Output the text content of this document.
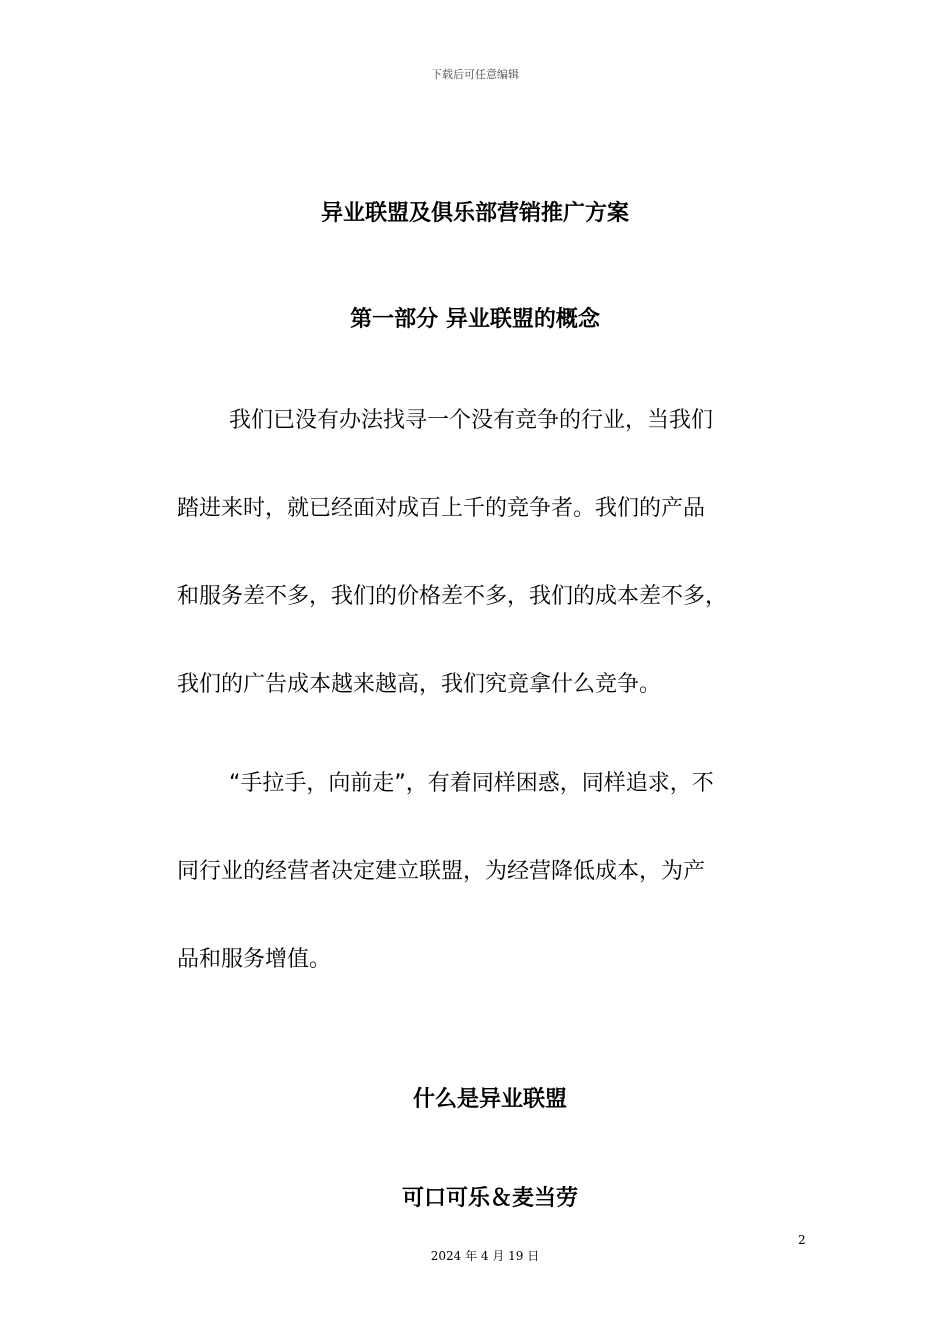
下载后可任意编辑
异业联盟及俱乐部营销推广方案
第一部分 异业联盟的概念
我们已没有办法找寻一个没有竞争的行业，当我们
踏进来时，就已经面对成百上千的竞争者。我们的产品
和服务差不多，我们的价格差不多，我们的成本差不多，
我们的广告成本越来越高，我们究竟拿什么竞争。
“手拉手，向前走”，有着同样困惑，同样追求，不
同行业的经营者决定建立联盟，为经营降低成本，为产
品和服务增值。
什么是异业联盟
可口可乐＆麦当劳
2
2024 年 4 月 19 日
